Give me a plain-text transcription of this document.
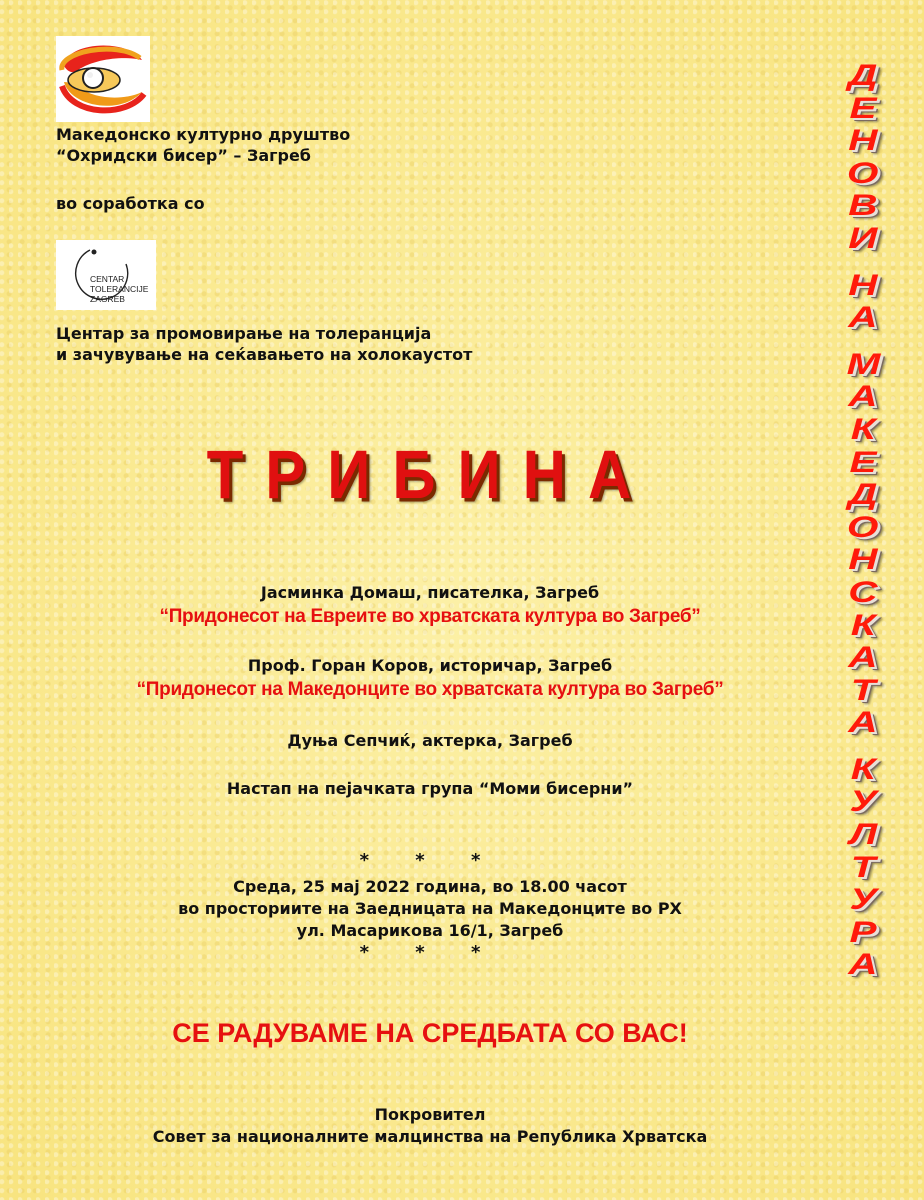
Македонско културно друштво
“Охридски бисер” – Загреб
во соработка со
CENTAR
TOLERANCIJE
ZAGREB
Центар за промовирање на толеранција
и зачувување на сеќавањето на холокаустот
ТРИБИНА
Јасминка Домаш, писателка, Загреб
“Придонесот на Евреите во хрватската култура во Загреб”
Проф. Горан Коров, историчар, Загреб
“Придонесот на Македонците во хрватската култура во Загреб”
Дуња Сепчиќ, актерка, Загреб
Настап на пејачката група “Моми бисерни”
* * *
Среда, 25 мај 2022 година, во 18.00 часот
во просториите на Заедницата на Македонците во РХ
ул. Масарикова 16/1, Загреб
* * *
СЕ РАДУВАМЕ НА СРЕДБАТА СО ВАС!
Покровител
Совет за националните малцинства на Република Хрватска
Д
Е
Н
О
В
И
Н
А
М
А
К
Е
Д
О
Н
С
К
А
Т
А
К
У
Л
Т
У
Р
А
